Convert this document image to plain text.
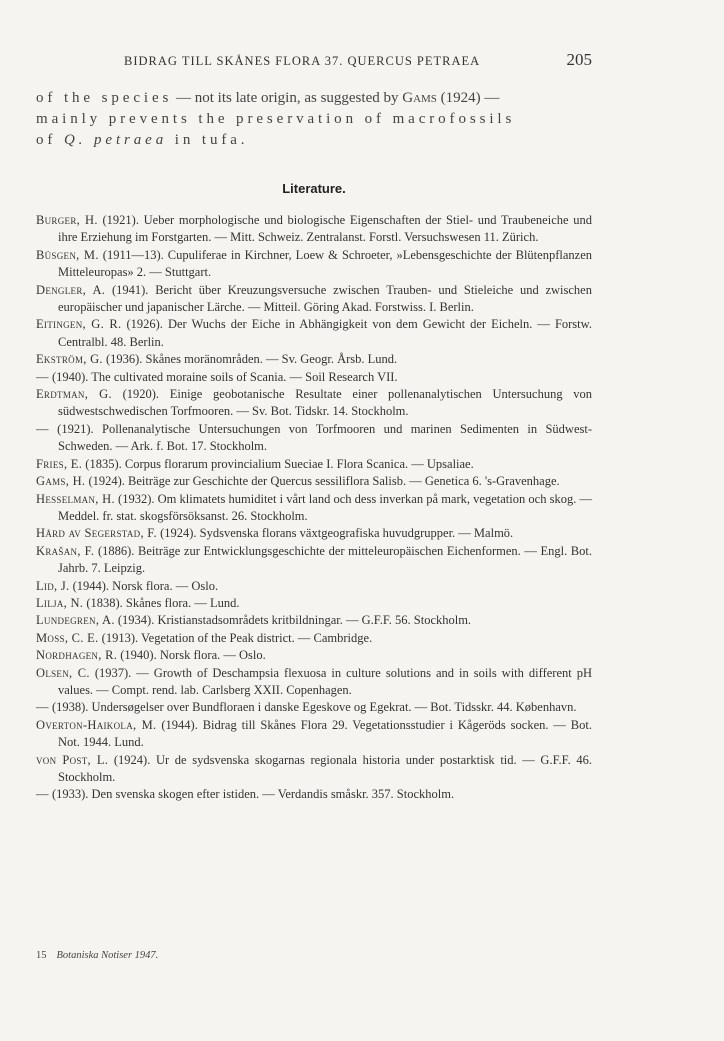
BIDRAG TILL SKÅNES FLORA 37. QUERCUS PETRAEA	205

of the species — not its late origin, as suggested by Gams (1924) —

mainly prevents the preservation of macrofossils

of Q. petraea in tufa.

Literature.
Burger, H. (1921). Ueber morphologische und biologische Eigenschaften der Stiel- und Traubeneiche und ihre Erziehung im Forstgarten. — Mitt. Schweiz. Zentralanst. Forstl. Versuchswesen 11. Zürich.
Büsgen, M. (1911—13). Cupuliferae in Kirchner, Loew & Schroeter, »Lebensgeschichte der Blütenpflanzen Mitteleuropas» 2. — Stuttgart.
Dengler, A. (1941). Bericht über Kreuzungsversuche zwischen Trauben- und Stieleiche und zwischen europäischer und japanischer Lärche. — Mitteil. Göring Akad. Forstwiss. I. Berlin.
Eitingen, G. R. (1926). Der Wuchs der Eiche in Abhängigkeit von dem Gewicht der Eicheln. — Forstw. Centralbl. 48. Berlin.
Ekström, G. (1936). Skånes moränområden. — Sv. Geogr. Årsb. Lund.
— (1940). The cultivated moraine soils of Scania. — Soil Research VII.
Erdtman, G. (1920). Einige geobotanische Resultate einer pollenanalytischen Untersuchung von südwestschwedischen Torfmooren. — Sv. Bot. Tidskr. 14. Stockholm.
— (1921). Pollenanalytische Untersuchungen von Torfmooren und marinen Sedimenten in Südwest-Schweden. — Ark. f. Bot. 17. Stockholm.
Fries, E. (1835). Corpus florarum provincialium Sueciae I. Flora Scanica. — Upsaliae.
Gams, H. (1924). Beiträge zur Geschichte der Quercus sessiliflora Salisb. — Genetica 6. 's-Gravenhage.
Hesselman, H. (1932). Om klimatets humiditet i vårt land och dess inverkan på mark, vegetation och skog. — Meddel. fr. stat. skogsförsöksanst. 26. Stockholm.
Hård av Segerstad, F. (1924). Sydsvenska florans växtgeografiska huvudgrupper. — Malmö.
Krašan, F. (1886). Beiträge zur Entwicklungsgeschichte der mitteleuropäischen Eichenformen. — Engl. Bot. Jahrb. 7. Leipzig.
Lid, J. (1944). Norsk flora. — Oslo.
Lilja, N. (1838). Skånes flora. — Lund.
Lundegren, A. (1934). Kristianstadsområdets kritbildningar. — G.F.F. 56. Stockholm.
Moss, C. E. (1913). Vegetation of the Peak district. — Cambridge.
Nordhagen, R. (1940). Norsk flora. — Oslo.
Olsen, C. (1937). — Growth of Deschampsia flexuosa in culture solutions and in soils with different pH values. — Compt. rend. lab. Carlsberg XXII. Copenhagen.
— (1938). Undersøgelser over Bundfloraen i danske Egeskove og Egekrat. — Bot. Tidsskr. 44. København.
Overton-Haikola, M. (1944). Bidrag till Skånes Flora 29. Vegetationsstudier i Kågeröds socken. — Bot. Not. 1944. Lund.
von Post, L. (1924). Ur de sydsvenska skogarnas regionala historia under postarktisk tid. — G.F.F. 46. Stockholm.
— (1933). Den svenska skogen efter istiden. — Verdandis småskr. 357. Stockholm.
15 Botaniska Notiser 1947.
